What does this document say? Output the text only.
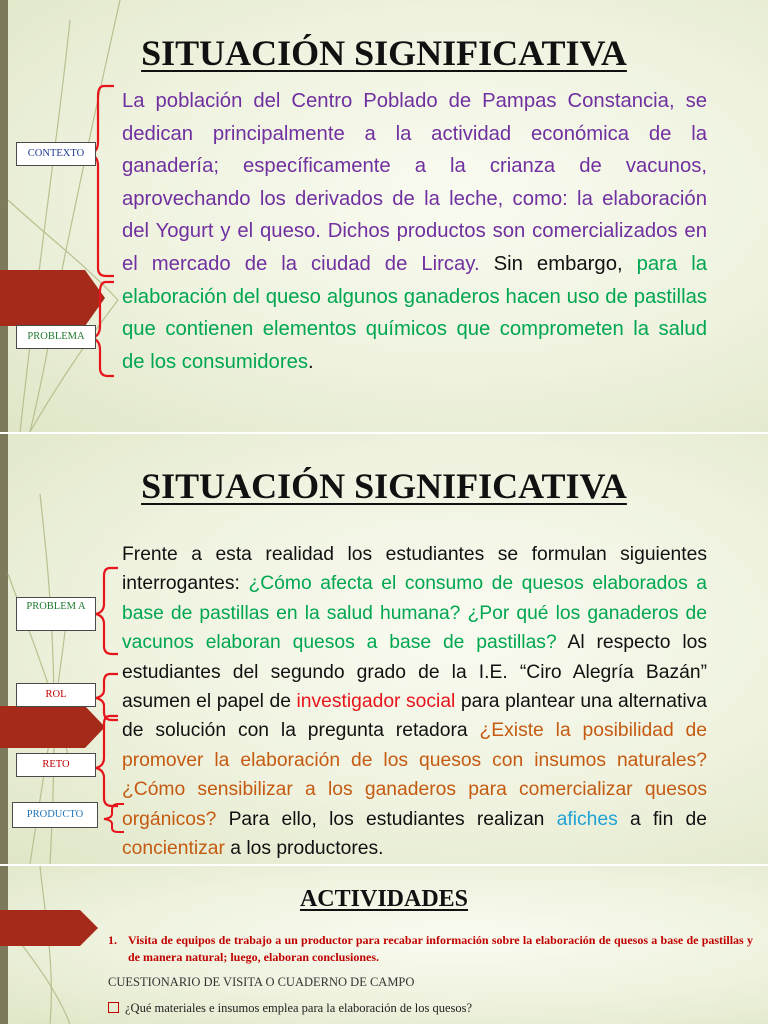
SITUACIÓN SIGNIFICATIVA
CONTEXTO
PROBLEMA
La población del Centro Poblado de Pampas Constancia, se dedican principalmente a la actividad económica de la ganadería; específicamente a la crianza de vacunos, aprovechando los derivados de la leche, como: la elaboración del Yogurt y el queso. Dichos productos son comercializados en el mercado de la ciudad de Lircay. Sin embargo, para la elaboración del queso algunos ganaderos hacen uso de pastillas que contienen elementos químicos que comprometen la salud de los consumidores.
SITUACIÓN SIGNIFICATIVA
PROBLEM A
ROL
RETO
PRODUCTO
Frente a esta realidad los estudiantes se formulan siguientes interrogantes: ¿Cómo afecta el consumo de quesos elaborados a base de pastillas en la salud humana? ¿Por qué los ganaderos de vacunos elaboran quesos a base de pastillas? Al respecto los estudiantes del segundo grado de la I.E. “Ciro Alegría Bazán” asumen el papel de investigador social para plantear una alternativa de solución con la pregunta retadora ¿Existe la posibilidad de promover la elaboración de los quesos con insumos naturales? ¿Cómo sensibilizar a los ganaderos para comercializar quesos orgánicos? Para ello, los estudiantes realizan afiches a fin de concientizar a los productores.
ACTIVIDADES
1. Visita de equipos de trabajo a un productor para recabar información sobre la elaboración de quesos a base de pastillas y de manera natural; luego, elaboran conclusiones.
CUESTIONARIO DE VISITA O CUADERNO DE CAMPO
¿Qué materiales e insumos emplea para la elaboración de los quesos?
